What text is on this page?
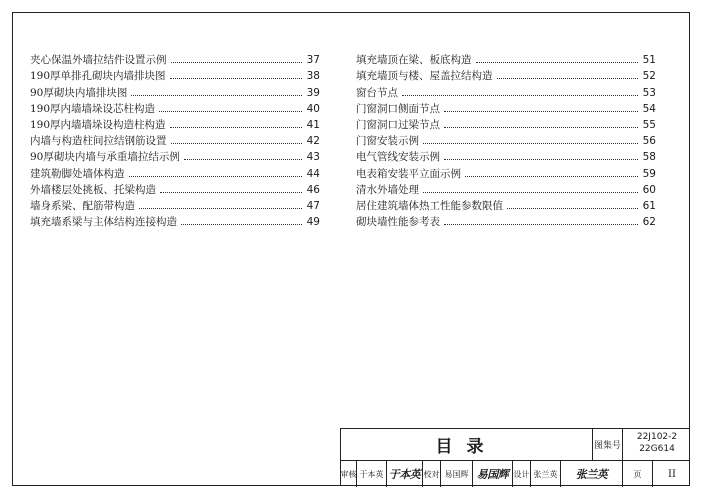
夹心保温外墙拉结件设置示例	37
190厚单排孔砌块内墙排块图	38
90厚砌块内墙排块图	39
190厚内墙墙垛设芯柱构造	40
190厚内墙墙垛设构造柱构造	41
内墙与构造柱间拉结钢筋设置	42
90厚砌块内墙与承重墙拉结示例	43
建筑勒脚处墙体构造	44
外墙楼层处挑板、托梁构造	46
墙身系梁、配筋带构造	47
填充墙系梁与主体结构连接构造	49
填充墙顶在梁、板底构造	51
填充墙顶与楼、屋盖拉结构造	52
窗台节点	53
门窗洞口侧面节点	54
门窗洞口过梁节点	55
门窗安装示例	56
电气管线安装示例	58
电表箱安装平立面示例	59
清水外墙处理	60
居住建筑墙体热工性能参数限值	61
砌块墙性能参考表	62
目录	图集号
22J102-2
22G614
审核 于本英 于本英 校对 易国辉 易国辉 设计 张兰英	张兰英	页	II
